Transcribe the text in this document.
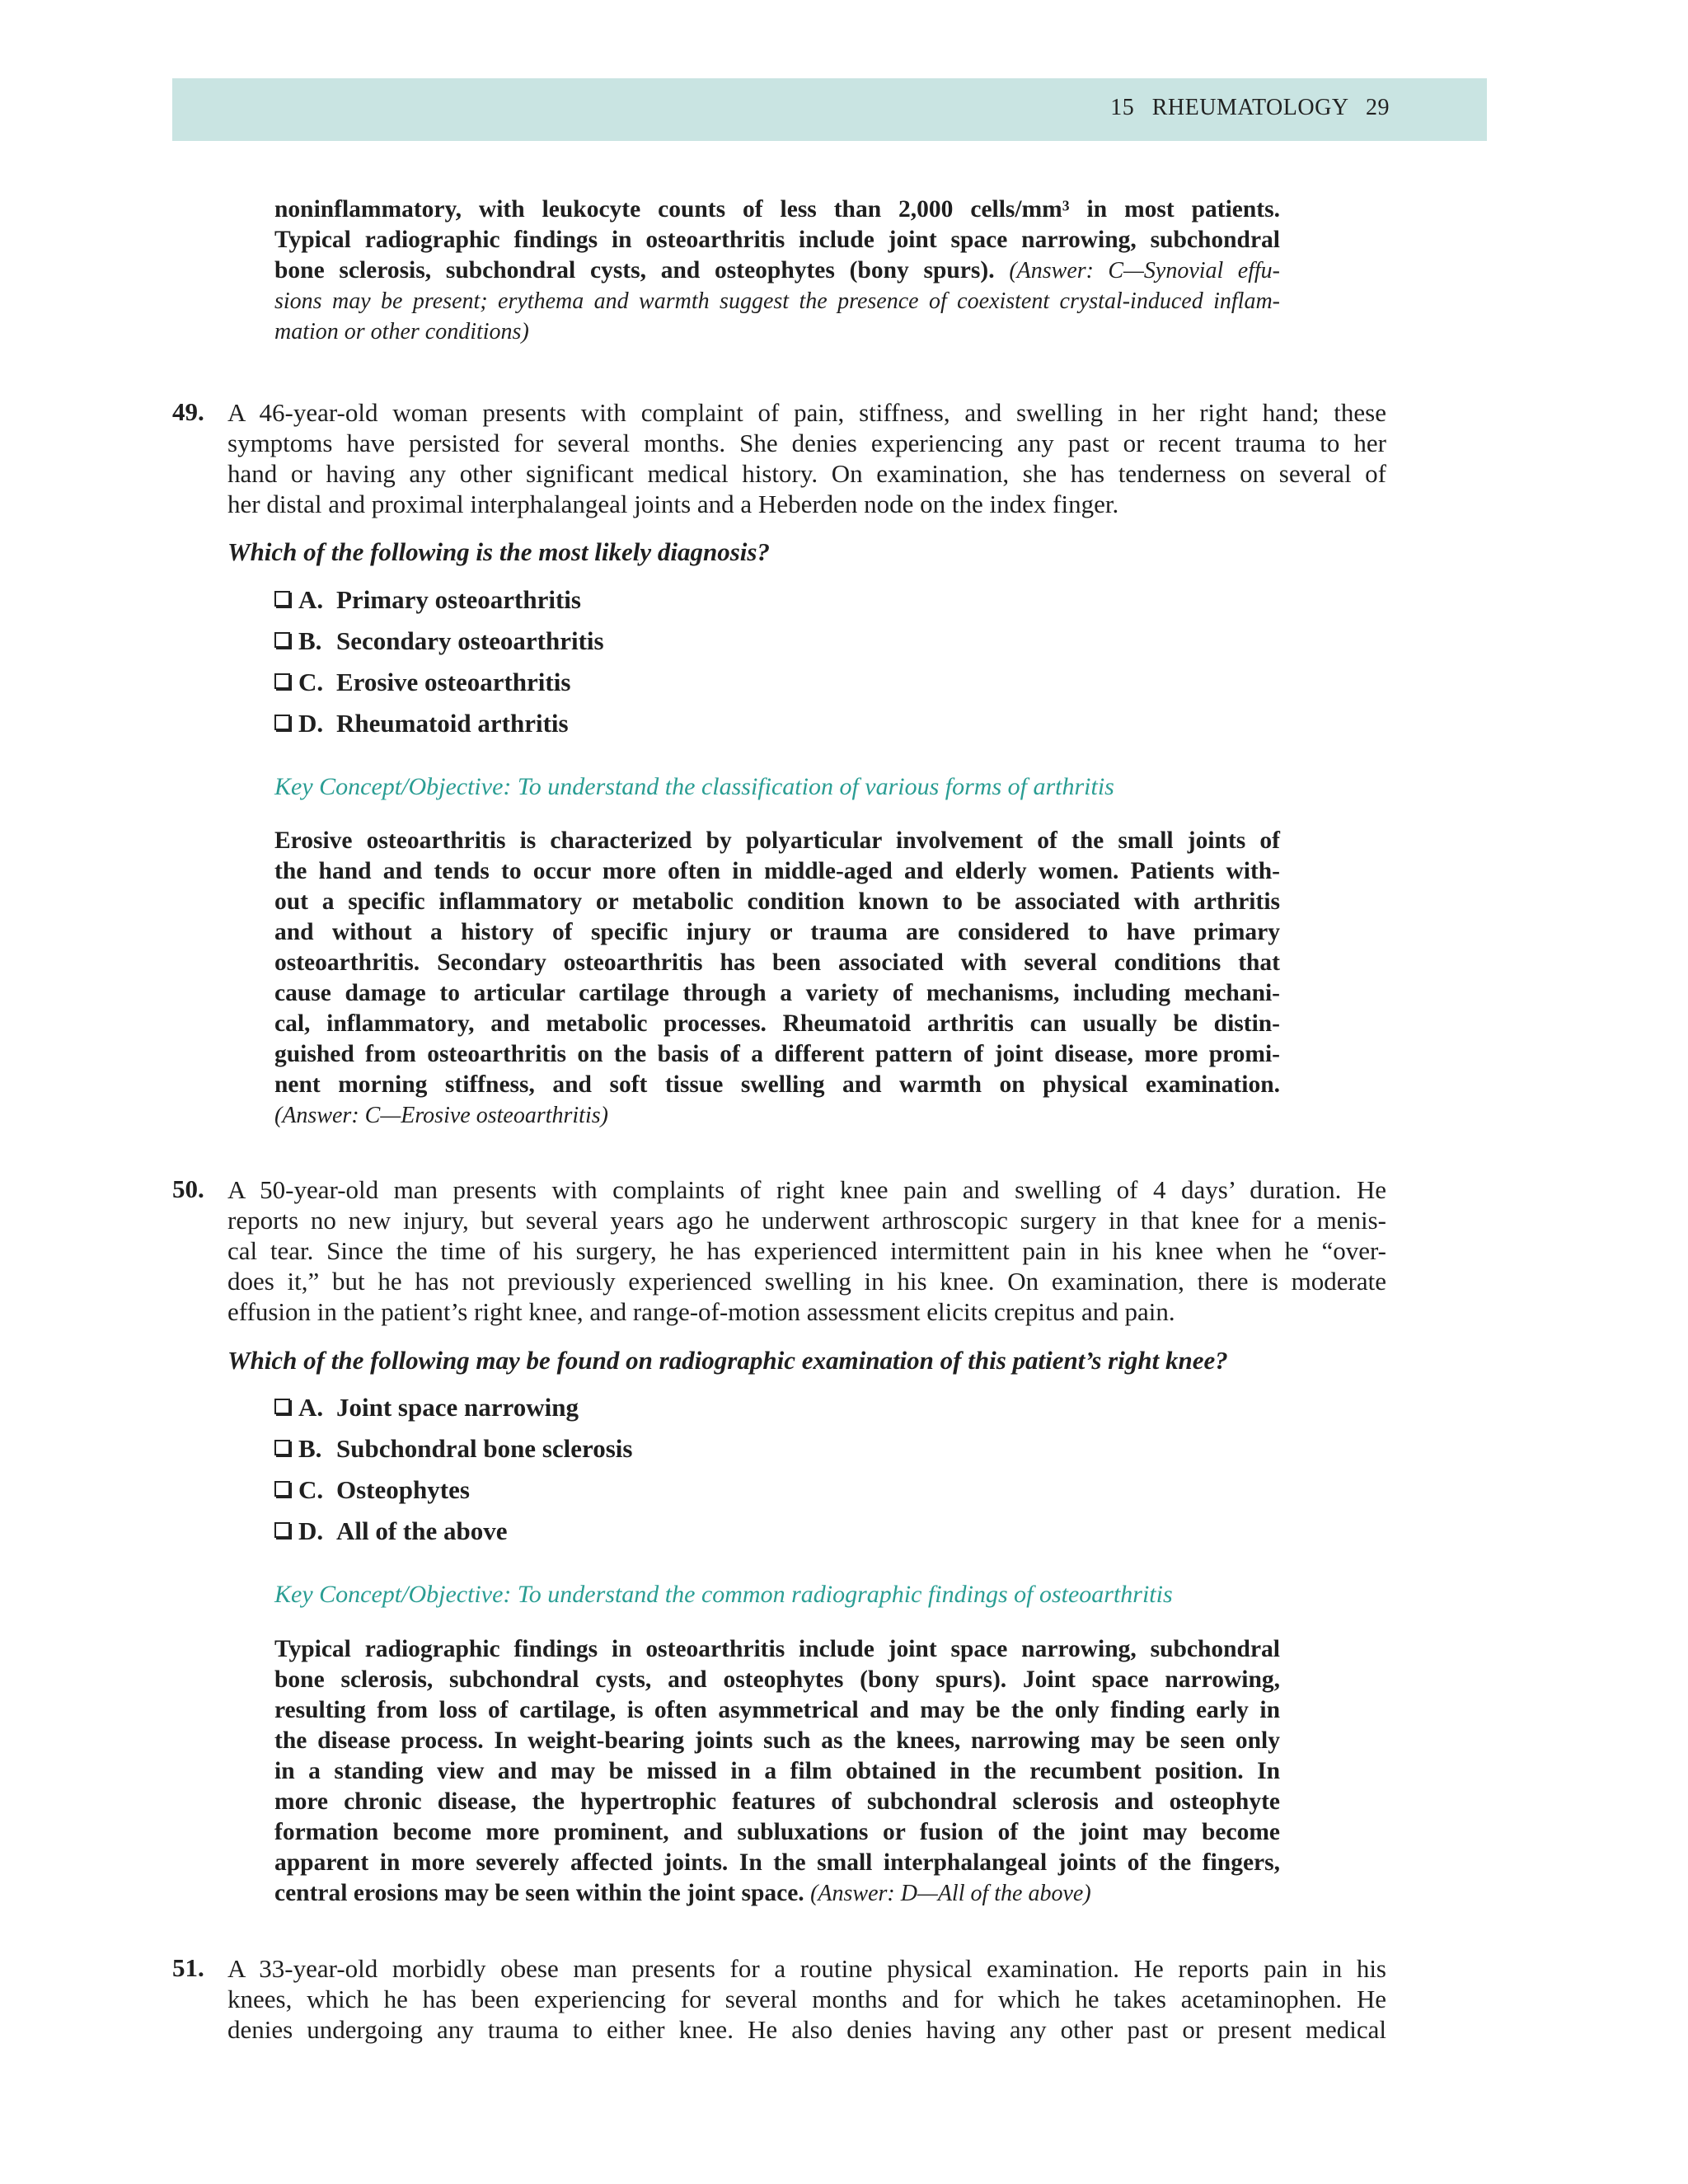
15 RHEUMATOLOGY 29
noninflammatory, with leukocyte counts of less than 2,000 cells/mm³ in most patients.
Typical radiographic findings in osteoarthritis include joint space narrowing, subchondral
bone sclerosis, subchondral cysts, and osteophytes (bony spurs). (Answer: C—Synovial effu-
sions may be present; erythema and warmth suggest the presence of coexistent crystal-induced inflam-
mation or other conditions)
49. A 46-year-old woman presents with complaint of pain, stiffness, and swelling in her right hand; these
symptoms have persisted for several months. She denies experiencing any past or recent trauma to her
hand or having any other significant medical history. On examination, she has tenderness on several of
her distal and proximal interphalangeal joints and a Heberden node on the index finger.
Which of the following is the most likely diagnosis?
A. Primary osteoarthritis
B. Secondary osteoarthritis
C. Erosive osteoarthritis
D. Rheumatoid arthritis
Key Concept/Objective: To understand the classification of various forms of arthritis
Erosive osteoarthritis is characterized by polyarticular involvement of the small joints of
the hand and tends to occur more often in middle-aged and elderly women. Patients with-
out a specific inflammatory or metabolic condition known to be associated with arthritis
and without a history of specific injury or trauma are considered to have primary
osteoarthritis. Secondary osteoarthritis has been associated with several conditions that
cause damage to articular cartilage through a variety of mechanisms, including mechani-
cal, inflammatory, and metabolic processes. Rheumatoid arthritis can usually be distin-
guished from osteoarthritis on the basis of a different pattern of joint disease, more promi-
nent morning stiffness, and soft tissue swelling and warmth on physical examination.
(Answer: C—Erosive osteoarthritis)
50. A 50-year-old man presents with complaints of right knee pain and swelling of 4 days’ duration. He
reports no new injury, but several years ago he underwent arthroscopic surgery in that knee for a menis-
cal tear. Since the time of his surgery, he has experienced intermittent pain in his knee when he “over-
does it,” but he has not previously experienced swelling in his knee. On examination, there is moderate
effusion in the patient’s right knee, and range-of-motion assessment elicits crepitus and pain.
Which of the following may be found on radiographic examination of this patient’s right knee?
A. Joint space narrowing
B. Subchondral bone sclerosis
C. Osteophytes
D. All of the above
Key Concept/Objective: To understand the common radiographic findings of osteoarthritis
Typical radiographic findings in osteoarthritis include joint space narrowing, subchondral
bone sclerosis, subchondral cysts, and osteophytes (bony spurs). Joint space narrowing,
resulting from loss of cartilage, is often asymmetrical and may be the only finding early in
the disease process. In weight-bearing joints such as the knees, narrowing may be seen only
in a standing view and may be missed in a film obtained in the recumbent position. In
more chronic disease, the hypertrophic features of subchondral sclerosis and osteophyte
formation become more prominent, and subluxations or fusion of the joint may become
apparent in more severely affected joints. In the small interphalangeal joints of the fingers,
central erosions may be seen within the joint space. (Answer: D—All of the above)
51. A 33-year-old morbidly obese man presents for a routine physical examination. He reports pain in his
knees, which he has been experiencing for several months and for which he takes acetaminophen. He
denies undergoing any trauma to either knee. He also denies having any other past or present medical
